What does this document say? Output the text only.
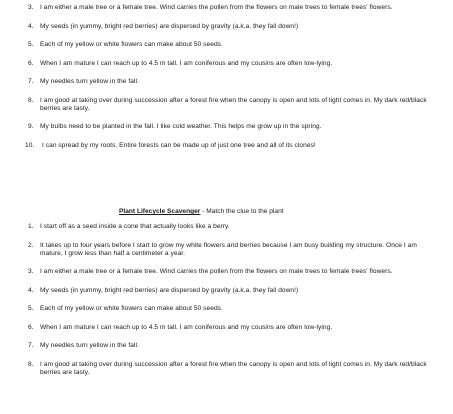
3. I am either a male tree or a female tree. Wind carries the pollen from the flowers on male trees to female trees' flowers.
4. My seeds (in yummy, bright red berries) are dispersed by gravity (a.k.a. they fall down!)
5. Each of my yellow or white flowers can make about 50 seeds.
6. When I am mature I can reach up to 4.5 m tall. I am coniferous and my cousins are often low-lying.
7. My needles turn yellow in the fall.
8. I am good at taking over during succession after a forest fire when the canopy is open and lots of light comes in. My dark red/black berries are tasty.
9. My bulbs need to be planted in the fall. I like cold weather. This helps me grow up in the spring.
10. I can spread by my roots. Entire forests can be made up of just one tree and all of its clones!
Plant Lifecycle Scavenger - Match the clue to the plant
1. I start off as a seed inside a cone that actually looks like a berry.
2. It takes up to four years before I start to grow my white flowers and berries because I am busy building my structure. Once I am mature, I grow less than half a centimeter a year.
3. I am either a male tree or a female tree. Wind carries the pollen from the flowers on male trees to female trees' flowers.
4. My seeds (in yummy, bright red berries) are dispersed by gravity (a.k.a. they fall down!)
5. Each of my yellow or white flowers can make about 50 seeds.
6. When I am mature I can reach up to 4.5 m tall. I am coniferous and my cousins are often low-lying.
7. My needles turn yellow in the fall.
8. I am good at taking over during succession after a forest fire when the canopy is open and lots of light comes in. My dark red/black berries are tasty.
